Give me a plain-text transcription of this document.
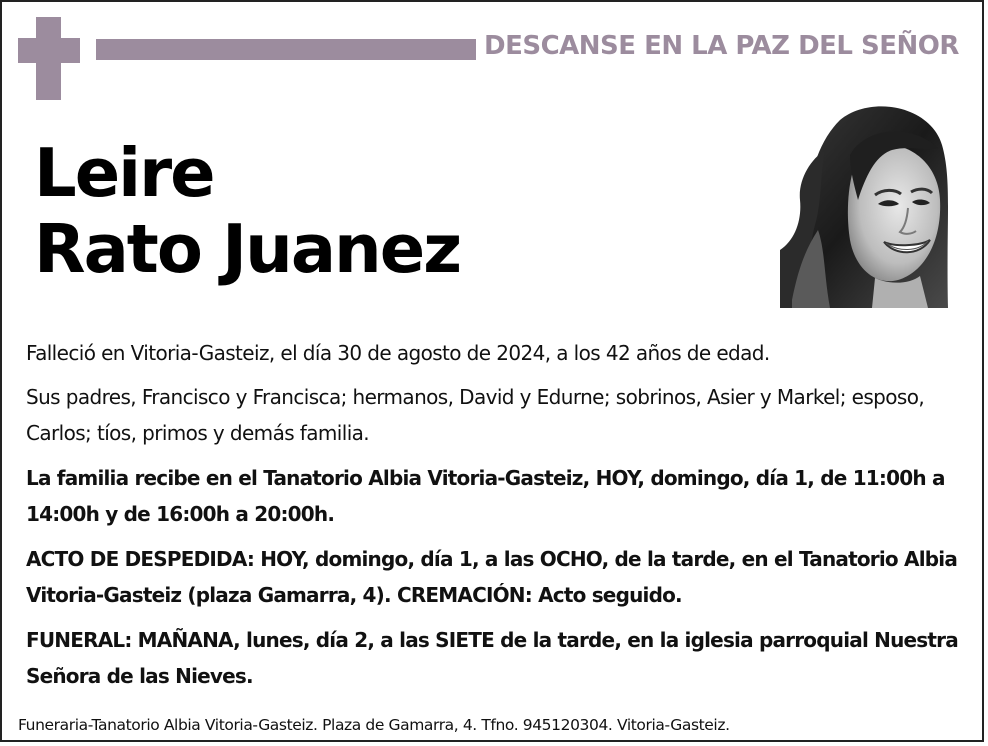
DESCANSE EN LA PAZ DEL SEÑOR
Leire
Rato Juanez
Falleció en Vitoria-Gasteiz, el día 30 de agosto de 2024, a los 42 años de edad.
Sus padres, Francisco y Francisca; hermanos, David y Edurne; sobrinos, Asier y Markel; esposo, Carlos; tíos, primos y demás familia.
La familia recibe en el Tanatorio Albia Vitoria-Gasteiz, HOY, domingo, día 1, de 11:00h a 14:00h y de 16:00h a 20:00h.
ACTO DE DESPEDIDA: HOY, domingo, día 1, a las OCHO, de la tarde, en el Tanatorio Albia Vitoria-Gasteiz (plaza Gamarra, 4). CREMACIÓN: Acto seguido.
FUNERAL: MAÑANA, lunes, día 2, a las SIETE de la tarde, en la iglesia parroquial Nuestra Señora de las Nieves.
Funeraria-Tanatorio Albia Vitoria-Gasteiz. Plaza de Gamarra, 4. Tfno. 945120304. Vitoria-Gasteiz.
